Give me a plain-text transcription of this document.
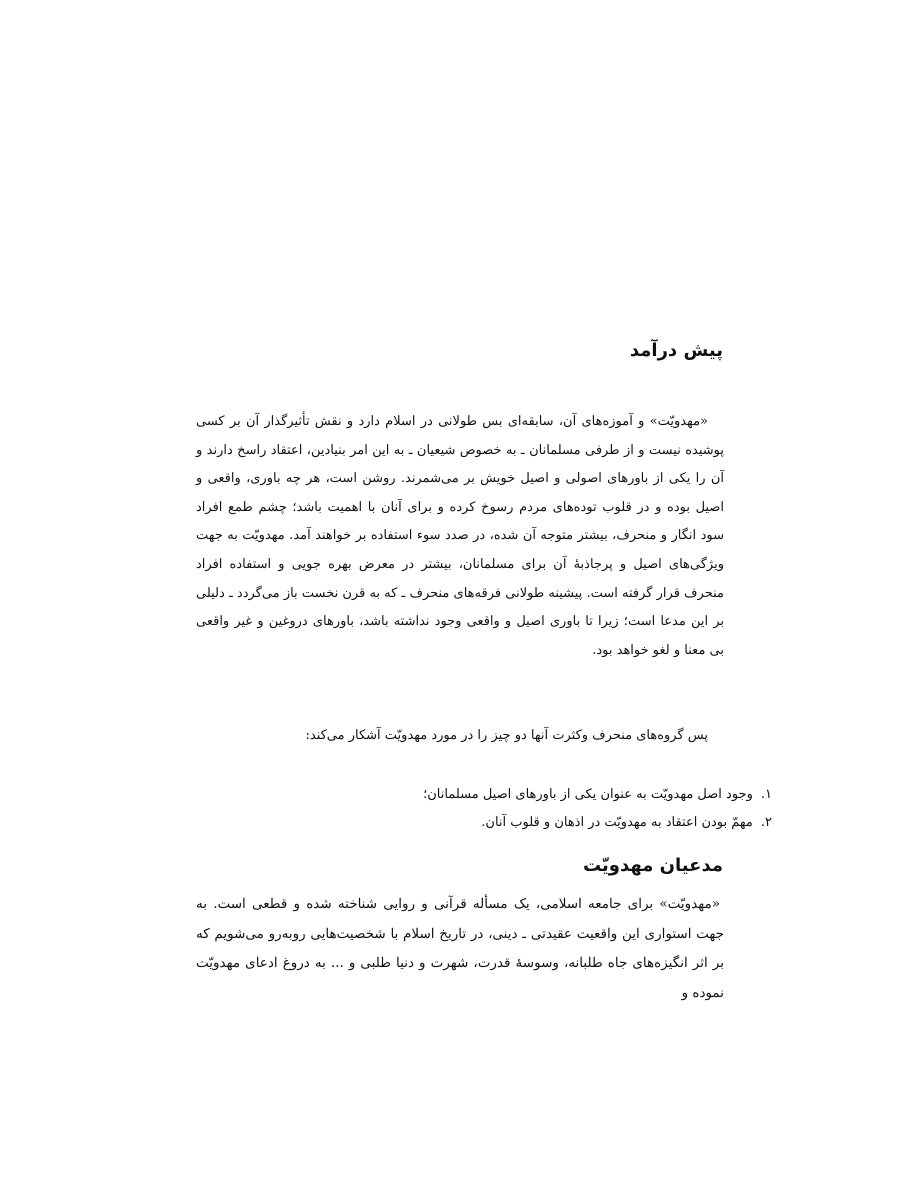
پیش درآمد

«مهدویّت» و آموزه‌های آن، سابقه‌ای بس طولانی در اسلام دارد و نقش تأثیرگذار آن بر کسی پوشیده نیست و از طرفی مسلمانان ـ به خصوص شیعیان ـ به این امر بنیادین، اعتقاد راسخ دارند و آن را یکی از باورهای اصولی و اصیل خویش بر می‌شمرند. روشن است، هر چه باوری، واقعی و اصیل بوده و در قلوب توده‌های مردم رسوخ کرده و برای آنان با اهمیت باشد؛ چشم طمع افراد سود انگار و منحرف، بیشتر متوجه آن شده، در صدد سوء استفاده بر خواهند آمد. مهدویّت به جهت ویژگی‌های اصیل و پرجاذبهٔ آن برای مسلمانان، بیشتر در معرض بهره جویی و استفاده افراد منحرف قرار گرفته است. پیشینه طولانی فرقه‌های منحرف ـ که به قرن نخست باز می‌گردد ـ دلیلی بر این مدعا است؛ زیرا تا باوری اصیل و واقعی وجود نداشته باشد، باورهای دروغین و غیر واقعی بی معنا و لغو خواهد بود.

پس گروه‌های منحرف وکثرت آنها دو چیز را در مورد مهدویّت آشکار می‌کند:

۱.
وجود اصل مهدویّت به عنوان یکی از باورهای اصیل مسلمانان؛
۲.
مهمّ بودن اعتقاد به مهدویّت در اذهان و قلوب آنان.
مدعیان مهدویّت

«مهدویّت» برای جامعه اسلامی، یک مسأله قرآنی و روایی شناخته شده و قطعی است. به جهت استواری این واقعیت عقیدتی ـ دینی، در تاریخ اسلام با شخصیت‌هایی روبه‌رو می‌شویم که بر اثر انگیزه‌های جاه طلبانه، وسوسهٔ قدرت، شهرت و دنیا طلبی و ... به دروغ ادعای مهدویّت نموده و
